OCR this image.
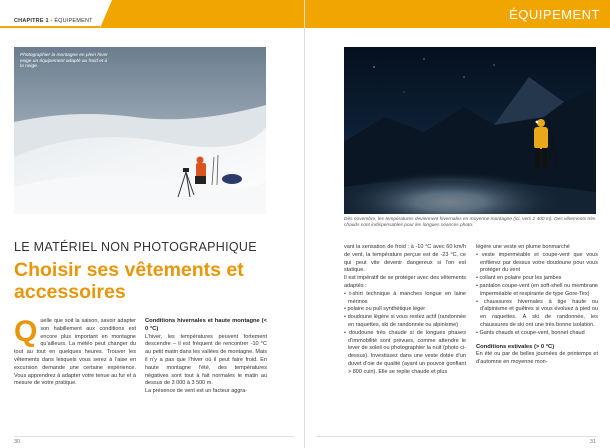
CHAPITRE 1 • ÉQUIPEMENT	ÉQUIPEMENT
Photographier la montagne en plein hiver exige un équipement adapté au froid et à la neige.
Dès novembre, les températures deviennent hivernales en moyenne montagne (ici, vers 2 400 m). Des vêtements très chauds sont indispensables pour les longues séances photo.
LE MATÉRIEL NON PHOTOGRAPHIQUE
Choisir ses vêtements et accessoires
Q uelle que soit la saison, savoir adapter son habillement aux conditions est encore plus important en montagne qu’ailleurs. La météo peut changer du tout au tout en quelques heures. Trouver les vêtements dans lesquels vous serez à l’aise en excursion demande une certaine expérience. Vous apprendrez à adapter votre tenue au fur et à mesure de votre pratique.

Conditions hivernales et haute montagne (< 0 °C)

L’hiver, les températures peuvent fortement descendre – il est fréquent de rencontrer -10 °C au petit matin dans les vallées de montagne. Mais il n’y a pas que l’hiver où il peut faire froid. En haute montagne l’été, des températures négatives sont tout à fait normales le matin au dessus de 3 000 à 3 500 m.

La présence de vent est un facteur aggra-

vant la sensation de froid : à -10 °C avec 60 km/h de vent, la température perçue est de -23 °C, ce qui peut vite devenir dangereux si l’on est statique.

Il est impératif de se protéger avec des vêtements adaptés :

• t-shirt technique à manches longue en laine mérinos

• polaire ou pull synthétique léger

• doudoune légère si vous restez actif (randonnée en raquettes, ski de randonnée ou alpinisme)

• doudoune très chaude si de longues phases d’immobilité sont prévues, comme attendre le lever de soleil ou photographier la nuit (photo ci-dessus). Investissez dans une veste dotée d’un duvet d’oie de qualité (ayant un pouvoir gonflant > 800 cuin). Elle se replie chaude et plus

légère une veste en plume bonmarché

• veste imperméable et coupe-vent que vous enfilerez par dessus votre doudoune pour vous protéger du vent

• collant en polaire pour les jambes

• pantalon coupe-vent (en soft-shell ou membrane imperméable et respirante de type Gore-Tex)

• chaussures hivernales à tige haute ou d’alpinisme et guêtres si vous évoluez à pied ou en raquettes. À ski de randonnée, les chaussures de ski ont une très bonne isolation.

• Gants chauds et coupe-vent, bonnet chaud

Conditions estivales (> 0 °C)

En été ou par de belles journées de printemps et d’automne en moyenne mon-

30	31
